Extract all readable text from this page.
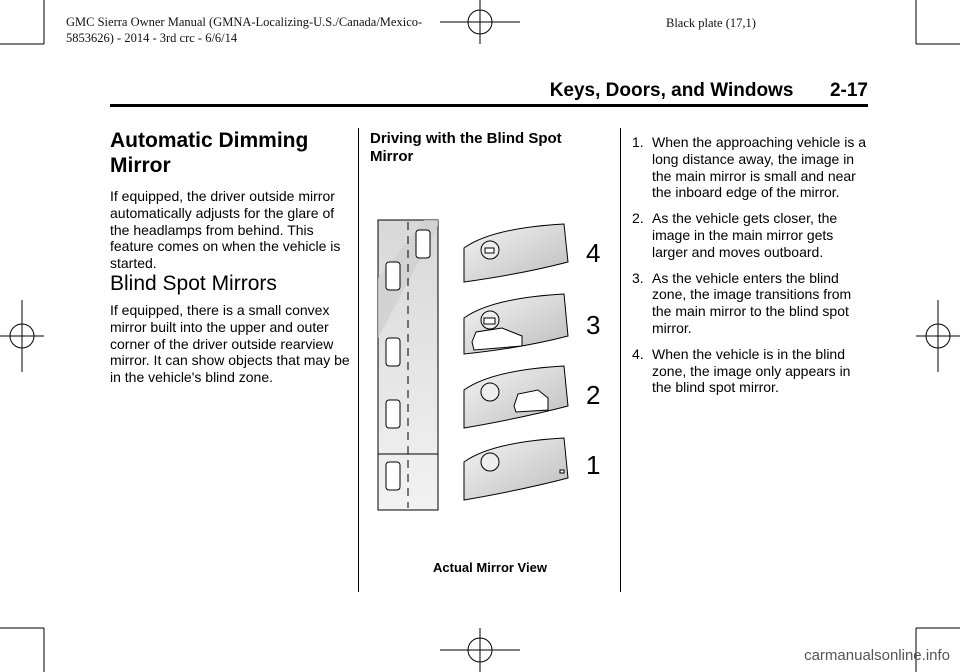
GMC Sierra Owner Manual (GMNA-Localizing-U.S./Canada/Mexico-
5853626) - 2014 - 3rd crc - 6/6/14
Black plate (17,1)
Keys, Doors, and Windows 2-17
Automatic Dimming
Mirror

If equipped, the driver outside mirror automatically adjusts for the glare of the headlamps from behind. This feature comes on when the vehicle is started.

Blind Spot Mirrors

If equipped, there is a small convex mirror built into the upper and outer corner of the driver outside rearview mirror. It can show objects that may be in the vehicle's blind zone.

Driving with the Blind Spot Mirror
4
3
2
1
Actual Mirror View
1. When the approaching vehicle is a long distance away, the image in the main mirror is small and near the inboard edge of the mirror.
2. As the vehicle gets closer, the image in the main mirror gets larger and moves outboard.
3. As the vehicle enters the blind zone, the image transitions from the main mirror to the blind spot mirror.
4. When the vehicle is in the blind zone, the image only appears in the blind spot mirror.
carmanualsonline.info
